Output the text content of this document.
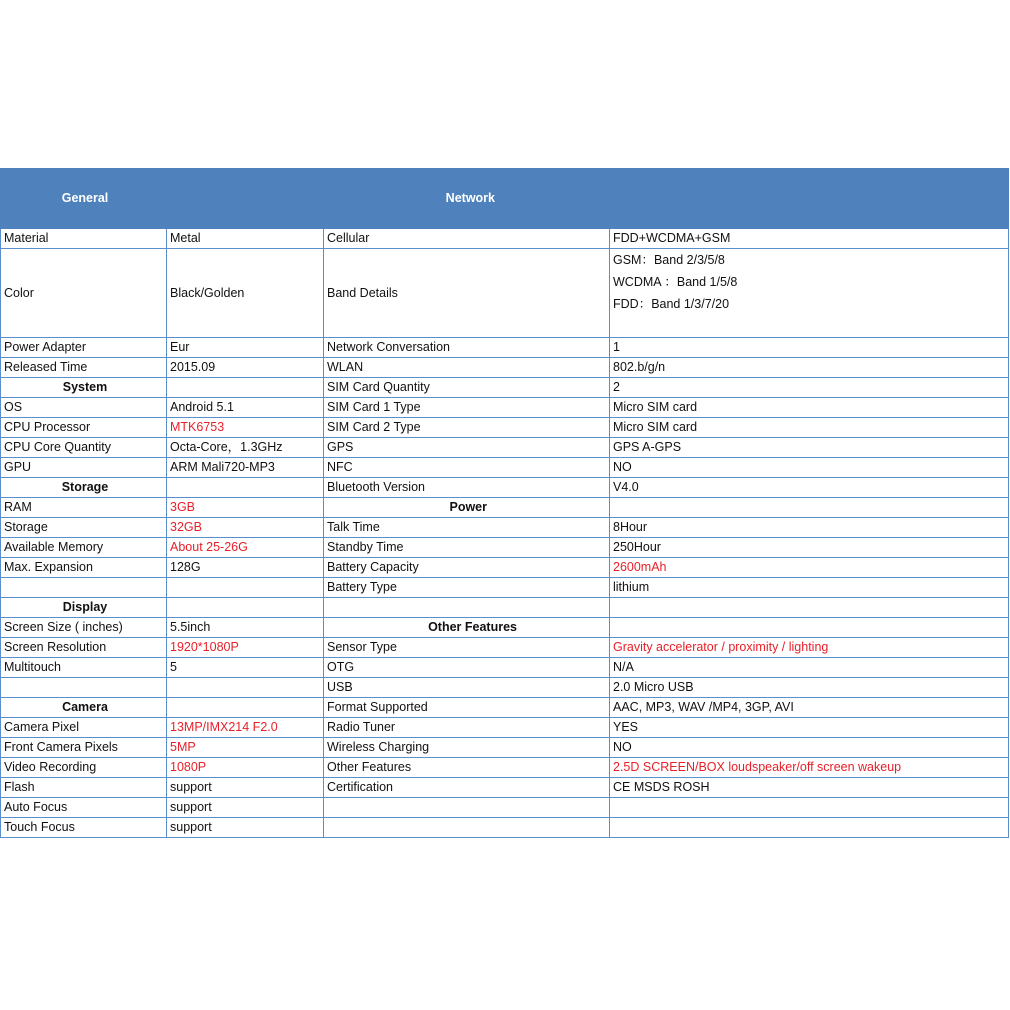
General		Network	
Material	Metal	Cellular	FDD+WCDMA+GSM
Color	Black/Golden	Band Details	GSM：Band 2/3/5/8
WCDMA ：Band 1/5/8
FDD：Band 1/3/7/20

Power Adapter	Eur	Network Conversation	1
Released Time	2015.09	WLAN	802.b/g/n
System		SIM Card Quantity	2
OS	Android 5.1	SIM Card 1 Type	Micro SIM card
CPU Processor	MTK6753	SIM Card 2 Type	Micro SIM card
CPU Core Quantity	Octa-Core，1.3GHz	GPS	GPS A-GPS
GPU	ARM Mali720-MP3	NFC	NO
Storage		Bluetooth Version	V4.0
RAM	3GB	Power	
Storage	32GB	Talk Time	8Hour
Available Memory	About 25-26G	Standby Time	250Hour
Max. Expansion	128G	Battery Capacity	2600mAh
		Battery Type	lithium
Display			
Screen Size ( inches)	5.5inch	Other Features	
Screen Resolution	1920*1080P	Sensor Type	Gravity accelerator / proximity / lighting
Multitouch	5	OTG	N/A
		USB	2.0 Micro USB
Camera		Format Supported	AAC, MP3, WAV /MP4, 3GP, AVI
Camera Pixel	13MP/IMX214 F2.0	Radio Tuner	YES
Front Camera Pixels	5MP	Wireless Charging	NO
Video Recording	1080P	Other Features	2.5D SCREEN/BOX loudspeaker/off screen wakeup
Flash	support	Certification	CE MSDS ROSH
Auto Focus	support		
Touch Focus	support		
